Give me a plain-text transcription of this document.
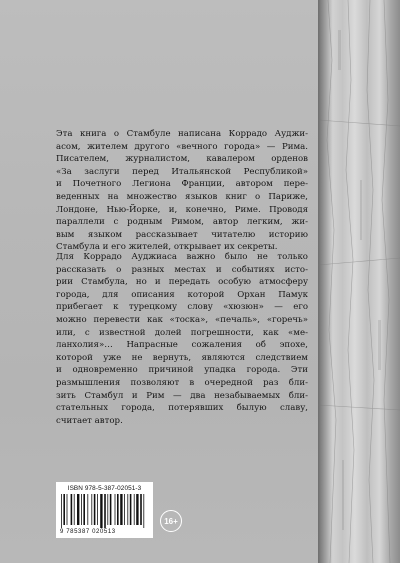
Эта книга о Стамбуле написана Коррадо Ауджи-
асом, жителем другого «вечного города» — Рима.
Писателем, журналистом, кавалером орденов
«За заслуги перед Итальянской Республикой»
и Почетного Легиона Франции, автором пере-
веденных на множество языков книг о Париже,
Лондоне, Нью-Йорке, и, конечно, Риме. Проводя
параллели с родным Римом, автор легким, жи-
вым языком рассказывает читателю историю
Стамбула и его жителей, открывает их секреты.
Для Коррадо Ауджиаса важно было не только
рассказать о разных местах и событиях исто-
рии Стамбула, но и передать особую атмосферу
города, для описания которой Орхан Памук
прибегает к турецкому слову «хюзюн» — его
можно перевести как «тоска», «печаль», «горечь»
или, с известной долей погрешности, как «ме-
ланхолия»… Напрасные сожаления об эпохе,
которой уже не вернуть, являются следствием
и одновременно причиной упадка города. Эти
размышления позволяют в очередной раз бли-
зить Стамбул и Рим — два незабываемых бли-
стательных города, потерявших былую славу,
считает автор.
ISBN 978-5-387-02051-3
9 785387 020513
16+
